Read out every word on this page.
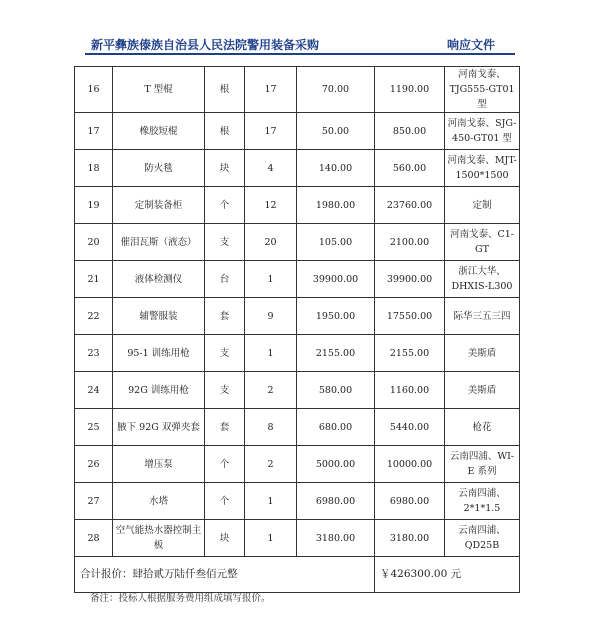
新平彝族傣族自治县人民法院警用装备采购	响应文件
16	T 型棍	根	17	70.00	1190.00	河南戈泰、TJG555-GT01 型
17	橡胶短棍	根	17	50.00	850.00	河南戈泰、SJG-450-GT01 型
18	防火毯	块	4	140.00	560.00	河南戈泰、MJT-1500*1500
19	定制装备柜	个	12	1980.00	23760.00	定制
20	催泪瓦斯（液态）	支	20	105.00	2100.00	河南戈泰、C1-GT
21	液体检测仪	台	1	39900.00	39900.00	浙江大华、DHXIS-L300
22	辅警服装	套	9	1950.00	17550.00	际华三五三四
23	95-1 训练用枪	支	1	2155.00	2155.00	美斯盾
24	92G 训练用枪	支	2	580.00	1160.00	美斯盾
25	腋下 92G 双弹夹套	套	8	680.00	5440.00	枪花
26	增压泵	个	2	5000.00	10000.00	云南四浦、WI-E 系列
27	水塔	个	1	6980.00	6980.00	云南四浦、2*1*1.5
28	空气能热水器控制主板	块	1	3180.00	3180.00	云南四浦、QD25B
合计报价：肆拾贰万陆仟叁佰元整					￥426300.00 元	
备注：投标人根据服务费用组成填写报价。
